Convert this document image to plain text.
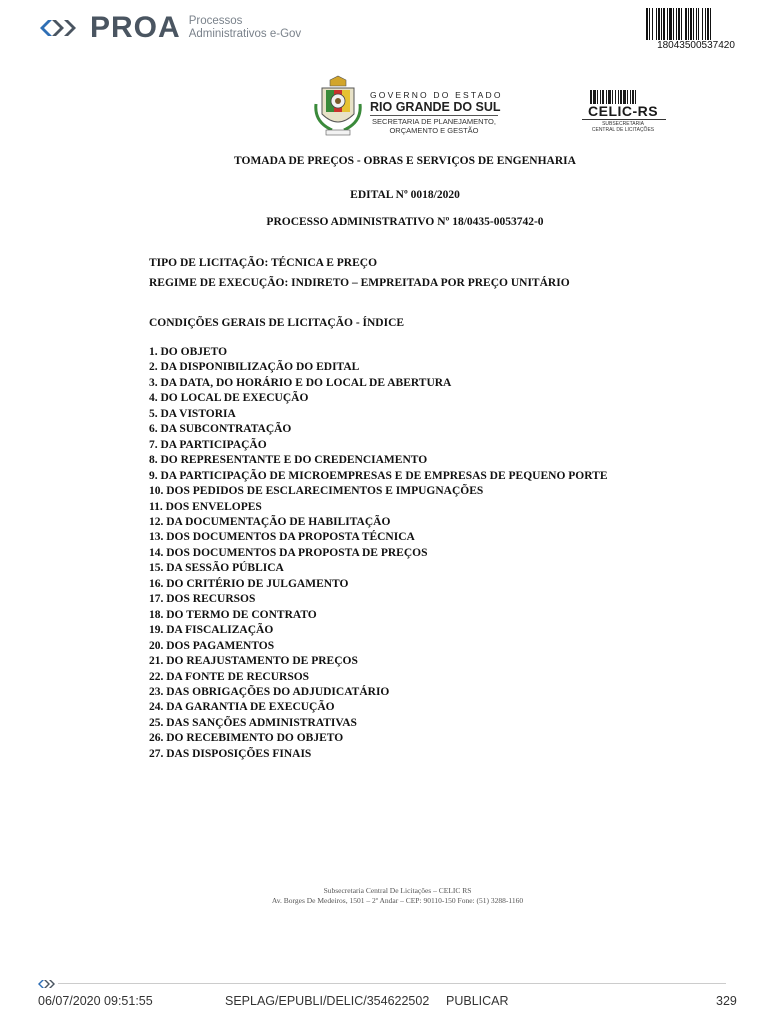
PROA Processos
Administrativos e-Gov
18043500537420
GOVERNO DO ESTADO
RIO GRANDE DO SUL
SECRETARIA DE PLANEJAMENTO,
ORÇAMENTO E GESTÃO
CELIC-RS
SUBSECRETARIA
CENTRAL DE LICITAÇÕES
TOMADA DE PREÇOS - OBRAS E SERVIÇOS DE ENGENHARIA
EDITAL Nº 0018/2020
PROCESSO ADMINISTRATIVO Nº 18/0435-0053742-0
TIPO DE LICITAÇÃO: TÉCNICA E PREÇO
REGIME DE EXECUÇÃO: INDIRETO – EMPREITADA POR PREÇO UNITÁRIO
CONDIÇÕES GERAIS DE LICITAÇÃO - ÍNDICE
1. DO OBJETO
2. DA DISPONIBILIZAÇÃO DO EDITAL
3. DA DATA, DO HORÁRIO E DO LOCAL DE ABERTURA
4. DO LOCAL DE EXECUÇÃO
5. DA VISTORIA
6. DA SUBCONTRATAÇÃO
7. DA PARTICIPAÇÃO
8. DO REPRESENTANTE E DO CREDENCIAMENTO
9. DA PARTICIPAÇÃO DE MICROEMPRESAS E DE EMPRESAS DE PEQUENO PORTE
10. DOS PEDIDOS DE ESCLARECIMENTOS E IMPUGNAÇÕES
11. DOS ENVELOPES
12. DA DOCUMENTAÇÃO DE HABILITAÇÃO
13. DOS DOCUMENTOS DA PROPOSTA TÉCNICA
14. DOS DOCUMENTOS DA PROPOSTA DE PREÇOS
15. DA SESSÃO PÚBLICA
16. DO CRITÉRIO DE JULGAMENTO
17. DOS RECURSOS
18. DO TERMO DE CONTRATO
19. DA FISCALIZAÇÃO
20. DOS PAGAMENTOS
21. DO REAJUSTAMENTO DE PREÇOS
22. DA FONTE DE RECURSOS
23. DAS OBRIGAÇÕES DO ADJUDICATÁRIO
24. DA GARANTIA DE EXECUÇÃO
25. DAS SANÇÕES ADMINISTRATIVAS
26. DO RECEBIMENTO DO OBJETO
27. DAS DISPOSIÇÕES FINAIS
Subsecretaria Central De Licitações – CELIC RS
Av. Borges De Medeiros, 1501 – 2º Andar – CEP: 90110-150 Fone: (51) 3288-1160
06/07/2020 09:51:55	SEPLAG/EPUBLI/DELIC/354622502 PUBLICAR	329
